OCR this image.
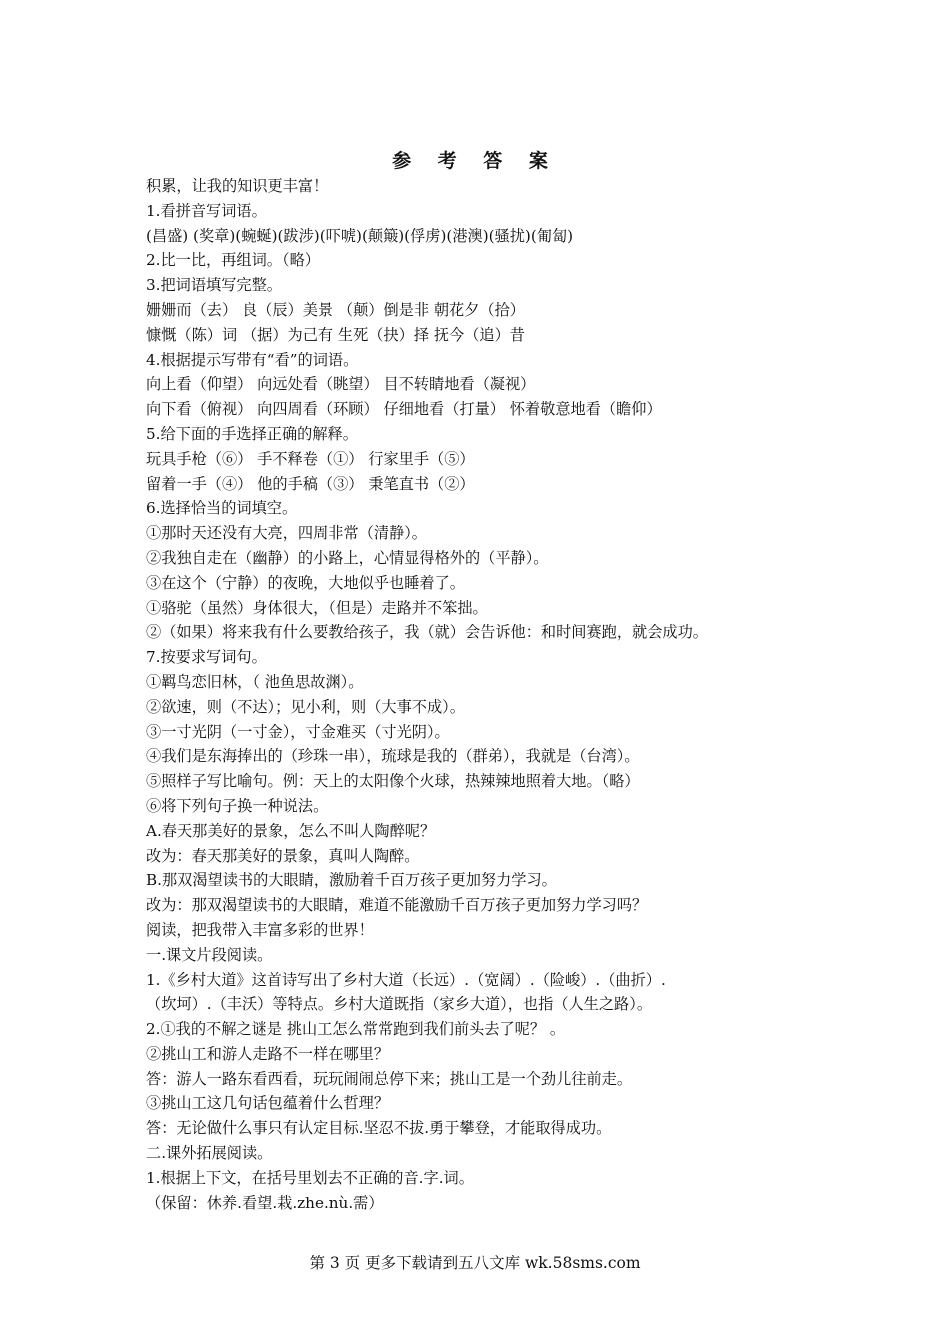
参 考 答 案
积累，让我的知识更丰富！
1.看拼音写词语。
(昌盛) (奖章)(蜿蜒)(跋涉)(吓唬)(颠簸)(俘虏)(港澳)(骚扰)(匍匐)
2.比一比，再组词。（略）
3.把词语填写完整。
姗姗而（去） 良（辰）美景 （颠）倒是非 朝花夕（拾）
慷慨（陈）词 （据）为己有 生死（抉）择 抚今（追）昔
4.根据提示写带有“看”的词语。
向上看（仰望） 向远处看（眺望） 目不转睛地看（凝视）
向下看（俯视） 向四周看（环顾） 仔细地看（打量） 怀着敬意地看（瞻仰）
5.给下面的手选择正确的解释。
玩具手枪（⑥） 手不释卷（①） 行家里手（⑤）
留着一手（④） 他的手稿（③） 秉笔直书（②）
6.选择恰当的词填空。
①那时天还没有大亮，四周非常（清静）。
②我独自走在（幽静）的小路上，心情显得格外的（平静）。
③在这个（宁静）的夜晚，大地似乎也睡着了。
①骆驼（虽然）身体很大，（但是）走路并不笨拙。
②（如果）将来我有什么要教给孩子，我（就）会告诉他：和时间赛跑，就会成功。
7.按要求写词句。
①羁鸟恋旧林，（ 池鱼思故渊）。
②欲速，则（不达）；见小利，则（大事不成）。
③一寸光阴（一寸金），寸金难买（寸光阴）。
④我们是东海捧出的（珍珠一串），琉球是我的（群弟），我就是（台湾）。
⑤照样子写比喻句。例：天上的太阳像个火球，热辣辣地照着大地。（略）
⑥将下列句子换一种说法。
A.春天那美好的景象，怎么不叫人陶醉呢？
改为：春天那美好的景象，真叫人陶醉。
B.那双渴望读书的大眼睛，激励着千百万孩子更加努力学习。
改为：那双渴望读书的大眼睛，难道不能激励千百万孩子更加努力学习吗？
阅读，把我带入丰富多彩的世界！
一.课文片段阅读。
1.《乡村大道》这首诗写出了乡村大道（长远）.（宽阔）.（险峻）.（曲折）.
（坎坷）.（丰沃）等特点。乡村大道既指（家乡大道），也指（人生之路）。
2.①我的不解之谜是 挑山工怎么常常跑到我们前头去了呢？ 。
②挑山工和游人走路不一样在哪里？
答：游人一路东看西看，玩玩闹闹总停下来；挑山工是一个劲儿往前走。
③挑山工这几句话包蕴着什么哲理？
答：无论做什么事只有认定目标.坚忍不拔.勇于攀登，才能取得成功。
二.课外拓展阅读。
1.根据上下文，在括号里划去不正确的音.字.词。
（保留：休养.看望.栽.zhe.nù.需）
第 3 页 更多下载请到五八文库 wk.58sms.com
